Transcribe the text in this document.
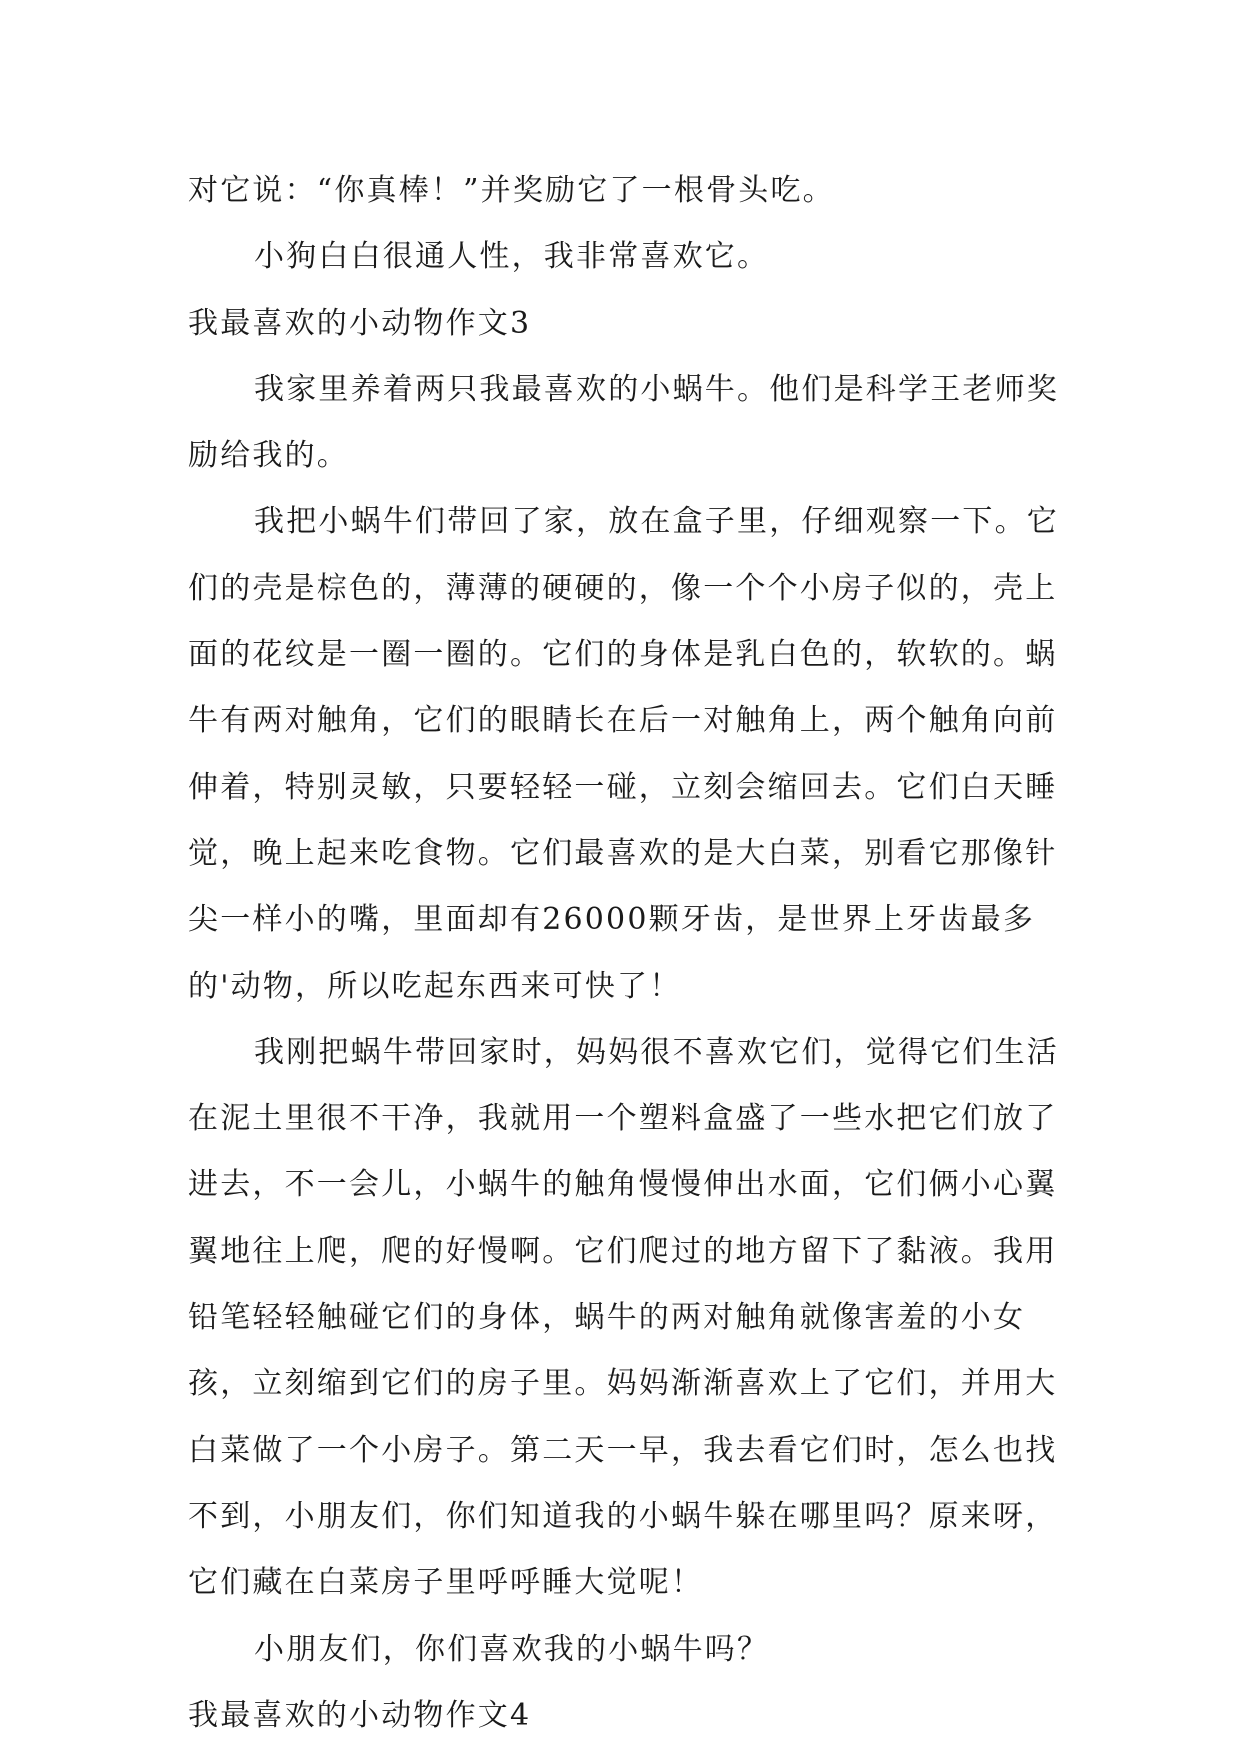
对它说：“你真棒！”并奖励它了一根骨头吃。

小狗白白很通人性，我非常喜欢它。

我最喜欢的小动物作文3

我家里养着两只我最喜欢的小蜗牛。他们是科学王老师奖励给我的。

我把小蜗牛们带回了家，放在盒子里，仔细观察一下。它们的壳是棕色的，薄薄的硬硬的，像一个个小房子似的，壳上面的花纹是一圈一圈的。它们的身体是乳白色的，软软的。蜗牛有两对触角，它们的眼睛长在后一对触角上，两个触角向前伸着，特别灵敏，只要轻轻一碰，立刻会缩回去。它们白天睡觉，晚上起来吃食物。它们最喜欢的是大白菜，别看它那像针尖一样小的嘴，里面却有26000颗牙齿，是世界上牙齿最多的'动物，所以吃起东西来可快了！

我刚把蜗牛带回家时，妈妈很不喜欢它们，觉得它们生活在泥土里很不干净，我就用一个塑料盒盛了一些水把它们放了进去，不一会儿，小蜗牛的触角慢慢伸出水面，它们俩小心翼翼地往上爬，爬的好慢啊。它们爬过的地方留下了黏液。我用铅笔轻轻触碰它们的身体，蜗牛的两对触角就像害羞的小女孩，立刻缩到它们的房子里。妈妈渐渐喜欢上了它们，并用大白菜做了一个小房子。第二天一早，我去看它们时，怎么也找不到，小朋友们，你们知道我的小蜗牛躲在哪里吗？原来呀，它们藏在白菜房子里呼呼睡大觉呢！

小朋友们，你们喜欢我的小蜗牛吗？

我最喜欢的小动物作文4
